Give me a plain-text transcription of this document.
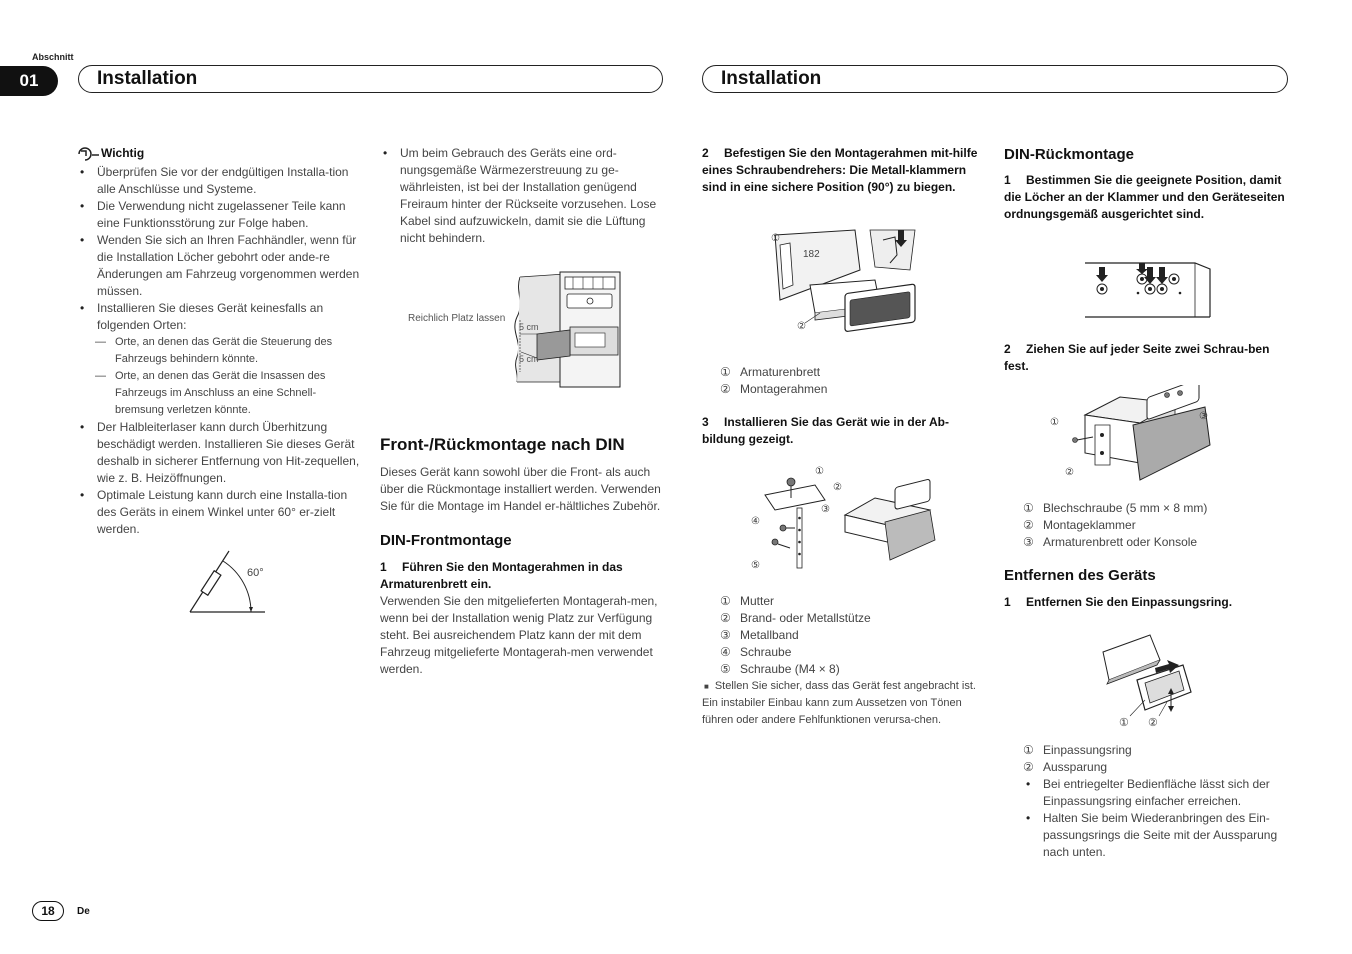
Abschnitt
01	Installation	Installation
Wichtig
• Überprüfen Sie vor der endgültigen Installa-tion alle Anschlüsse und Systeme.
• Die Verwendung nicht zugelassener Teile kann eine Funktionsstörung zur Folge haben.
• Wenden Sie sich an Ihren Fachhändler, wenn für die Installation Löcher gebohrt oder ande-re Änderungen am Fahrzeug vorgenommen werden müssen.
• Installieren Sie dieses Gerät keinesfalls an folgenden Orten:
— Orte, an denen das Gerät die Steuerung des Fahrzeugs behindern könnte.
— Orte, an denen das Gerät die Insassen des Fahrzeugs im Anschluss an eine Schnell-bremsung verletzen könnte.
• Der Halbleiterlaser kann durch Überhitzung beschädigt werden. Installieren Sie dieses Gerät deshalb in sicherer Entfernung von Hit-zequellen, wie z. B. Heizöffnungen.
• Optimale Leistung kann durch eine Installa-tion des Geräts in einem Winkel unter 60° er-zielt werden.
60°
• Um beim Gebrauch des Geräts eine ord-nungsgemäße Wärmezerstreuung zu ge-währleisten, ist bei der Installation genügend Freiraum hinter der Rückseite vorzusehen. Lose Kabel sind aufzuwickeln, damit sie die Lüftung nicht behindern.
Reichlich Platz lassen
5 cm
5 cm
Front-/Rückmontage nach DIN
Dieses Gerät kann sowohl über die Front- als auch über die Rückmontage installiert werden. Verwenden Sie für die Montage im Handel er-hältliches Zubehör.
DIN-Frontmontage
1 Führen Sie den Montagerahmen in das Armaturenbrett ein.
Verwenden Sie den mitgelieferten Montagerah-men, wenn bei der Installation wenig Platz zur Verfügung steht. Bei ausreichendem Platz kann der mit dem Fahrzeug mitgelieferte Montagerah-men verwendet werden.
2 Befestigen Sie den Montagerahmen mit-hilfe eines Schraubendrehers: Die Metall-klammern sind in eine sichere Position (90°) zu biegen.
182
①
②
① Armaturenbrett
② Montagerahmen
3 Installieren Sie das Gerät wie in der Ab-bildung gezeigt.
①
②
③
④
⑤
① Mutter
② Brand- oder Metallstütze
③ Metallband
④ Schraube
⑤ Schraube (M4 × 8)
■ Stellen Sie sicher, dass das Gerät fest angebracht ist. Ein instabiler Einbau kann zum Aussetzen von Tönen führen oder andere Fehlfunktionen verursa-chen.
DIN-Rückmontage
1 Bestimmen Sie die geeignete Position, damit die Löcher an der Klammer und den Geräteseiten ordnungsgemäß ausgerichtet sind.
2 Ziehen Sie auf jeder Seite zwei Schrau-ben fest.
①
②
③
① Blechschraube (5 mm × 8 mm)
② Montageklammer
③ Armaturenbrett oder Konsole
Entfernen des Geräts
1 Entfernen Sie den Einpassungsring.
① ②
① Einpassungsring
② Aussparung
• Bei entriegelter Bedienfläche lässt sich der Einpassungsring einfacher erreichen.
• Halten Sie beim Wiederanbringen des Ein-passungsrings die Seite mit der Aussparung nach unten.
18	De
